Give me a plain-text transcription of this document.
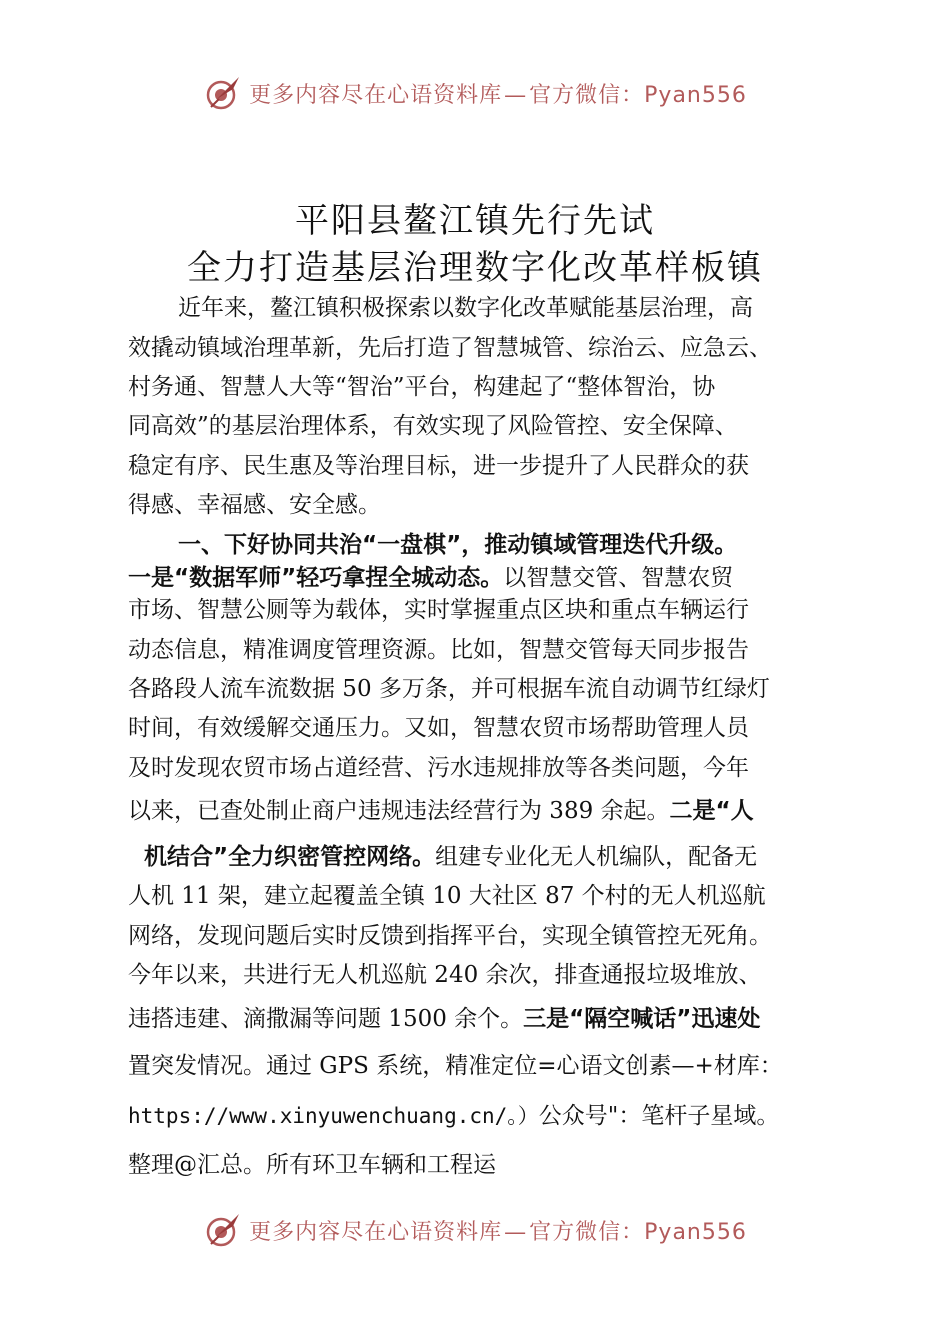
更多内容尽在心语资料库—官方微信：Pyan556
平阳县鳌江镇先行先试
全力打造基层治理数字化改革样板镇
近年来，鳌江镇积极探索以数字化改革赋能基层治理，高
效撬动镇域治理革新，先后打造了智慧城管、综治云、应急云、
村务通、智慧人大等“智治”平台，构建起了“整体智治，协
同高效”的基层治理体系，有效实现了风险管控、安全保障、
稳定有序、民生惠及等治理目标，进一步提升了人民群众的获
得感、幸福感、安全感。
一、下好协同共治“一盘棋”，推动镇域管理迭代升级。
一是“数据军师”轻巧拿捏全城动态。以智慧交管、智慧农贸
市场、智慧公厕等为载体，实时掌握重点区块和重点车辆运行
动态信息，精准调度管理资源。比如，智慧交管每天同步报告
各路段人流车流数据 50 多万条，并可根据车流自动调节红绿灯
时间，有效缓解交通压力。又如，智慧农贸市场帮助管理人员
及时发现农贸市场占道经营、污水违规排放等各类问题，今年
以来，已查处制止商户违规违法经营行为 389 余起。二是“人
机结合”全力织密管控网络。组建专业化无人机编队，配备无
人机 11 架，建立起覆盖全镇 10 大社区 87 个村的无人机巡航
网络，发现问题后实时反馈到指挥平台，实现全镇管控无死角。
今年以来，共进行无人机巡航 240 余次，排查通报垃圾堆放、
违搭违建、滴撒漏等问题 1500 余个。三是“隔空喊话”迅速处
置突发情况。通过 GPS 系统，精准定位=心语文创素—+材库：
https://www.xinyuwenchuang.cn/。）公众号"：笔杆子星域。
整理@汇总。所有环卫车辆和工程运
更多内容尽在心语资料库—官方微信：Pyan556
